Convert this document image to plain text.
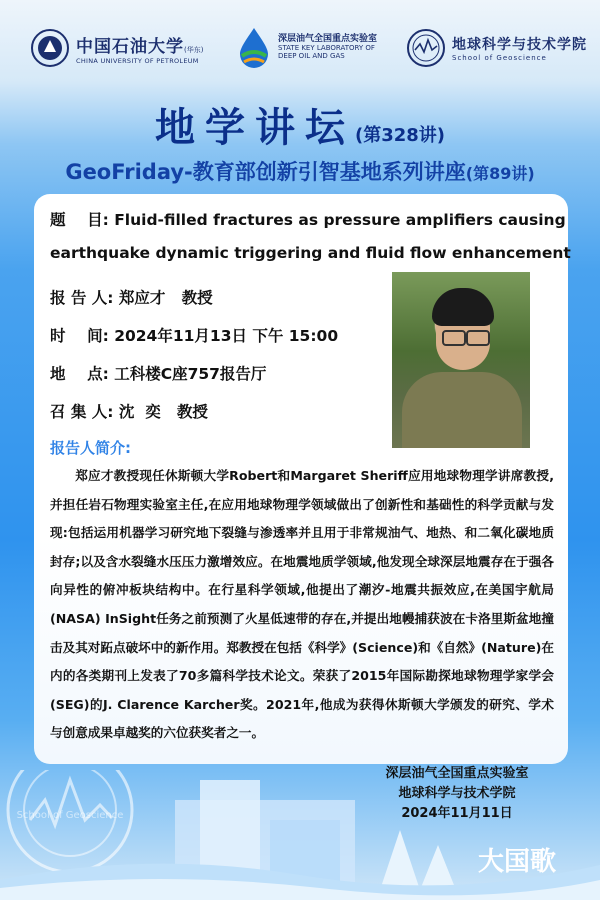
中国石油大学(华东)
CHINA UNIVERSITY OF PETROLEUM
深层油气全国重点实验室
STATE KEY LABORATORY OF
DEEP OIL AND GAS
地球科学与技术学院
School of Geoscience
地学讲坛(第328讲)
GeoFriday-教育部创新引智基地系列讲座(第89讲)
题    目: Fluid-filled fractures as pressure amplifiers causing
earthquake dynamic triggering and fluid flow enhancement
报 告 人: 郑应才   教授
时    间: 2024年11月13日 下午 15:00
地    点: 工科楼C座757报告厅
召 集 人: 沈  奕   教授
报告人简介:
郑应才教授现任休斯顿大学Robert和Margaret Sheriff应用地球物理学讲席教授,并担任岩石物理实验室主任,在应用地球物理学领域做出了创新性和基础性的科学贡献与发现:包括运用机器学习研究地下裂缝与渗透率并且用于非常规油气、地热、和二氧化碳地质封存;以及含水裂缝水压压力激增效应。在地震地质学领域,他发现全球深层地震存在于强各向异性的俯冲板块结构中。在行星科学领域,他提出了潮汐-地震共振效应,在美国宇航局(NASA) InSight任务之前预测了火星低速带的存在,并提出地幔捕获波在卡洛里斯盆地撞击及其对跖点破坏中的新作用。郑教授在包括《科学》(Science)和《自然》(Nature)在内的各类期刊上发表了70多篇科学技术论文。荣获了2015年国际勘探地球物理学家学会(SEG)的J. Clarence Karcher奖。2021年,他成为获得休斯顿大学颁发的研究、学术与创意成果卓越奖的六位获奖者之一。
School of Geoscience
大国歌
深层油气全国重点实验室
地球科学与技术学院
2024年11月11日
